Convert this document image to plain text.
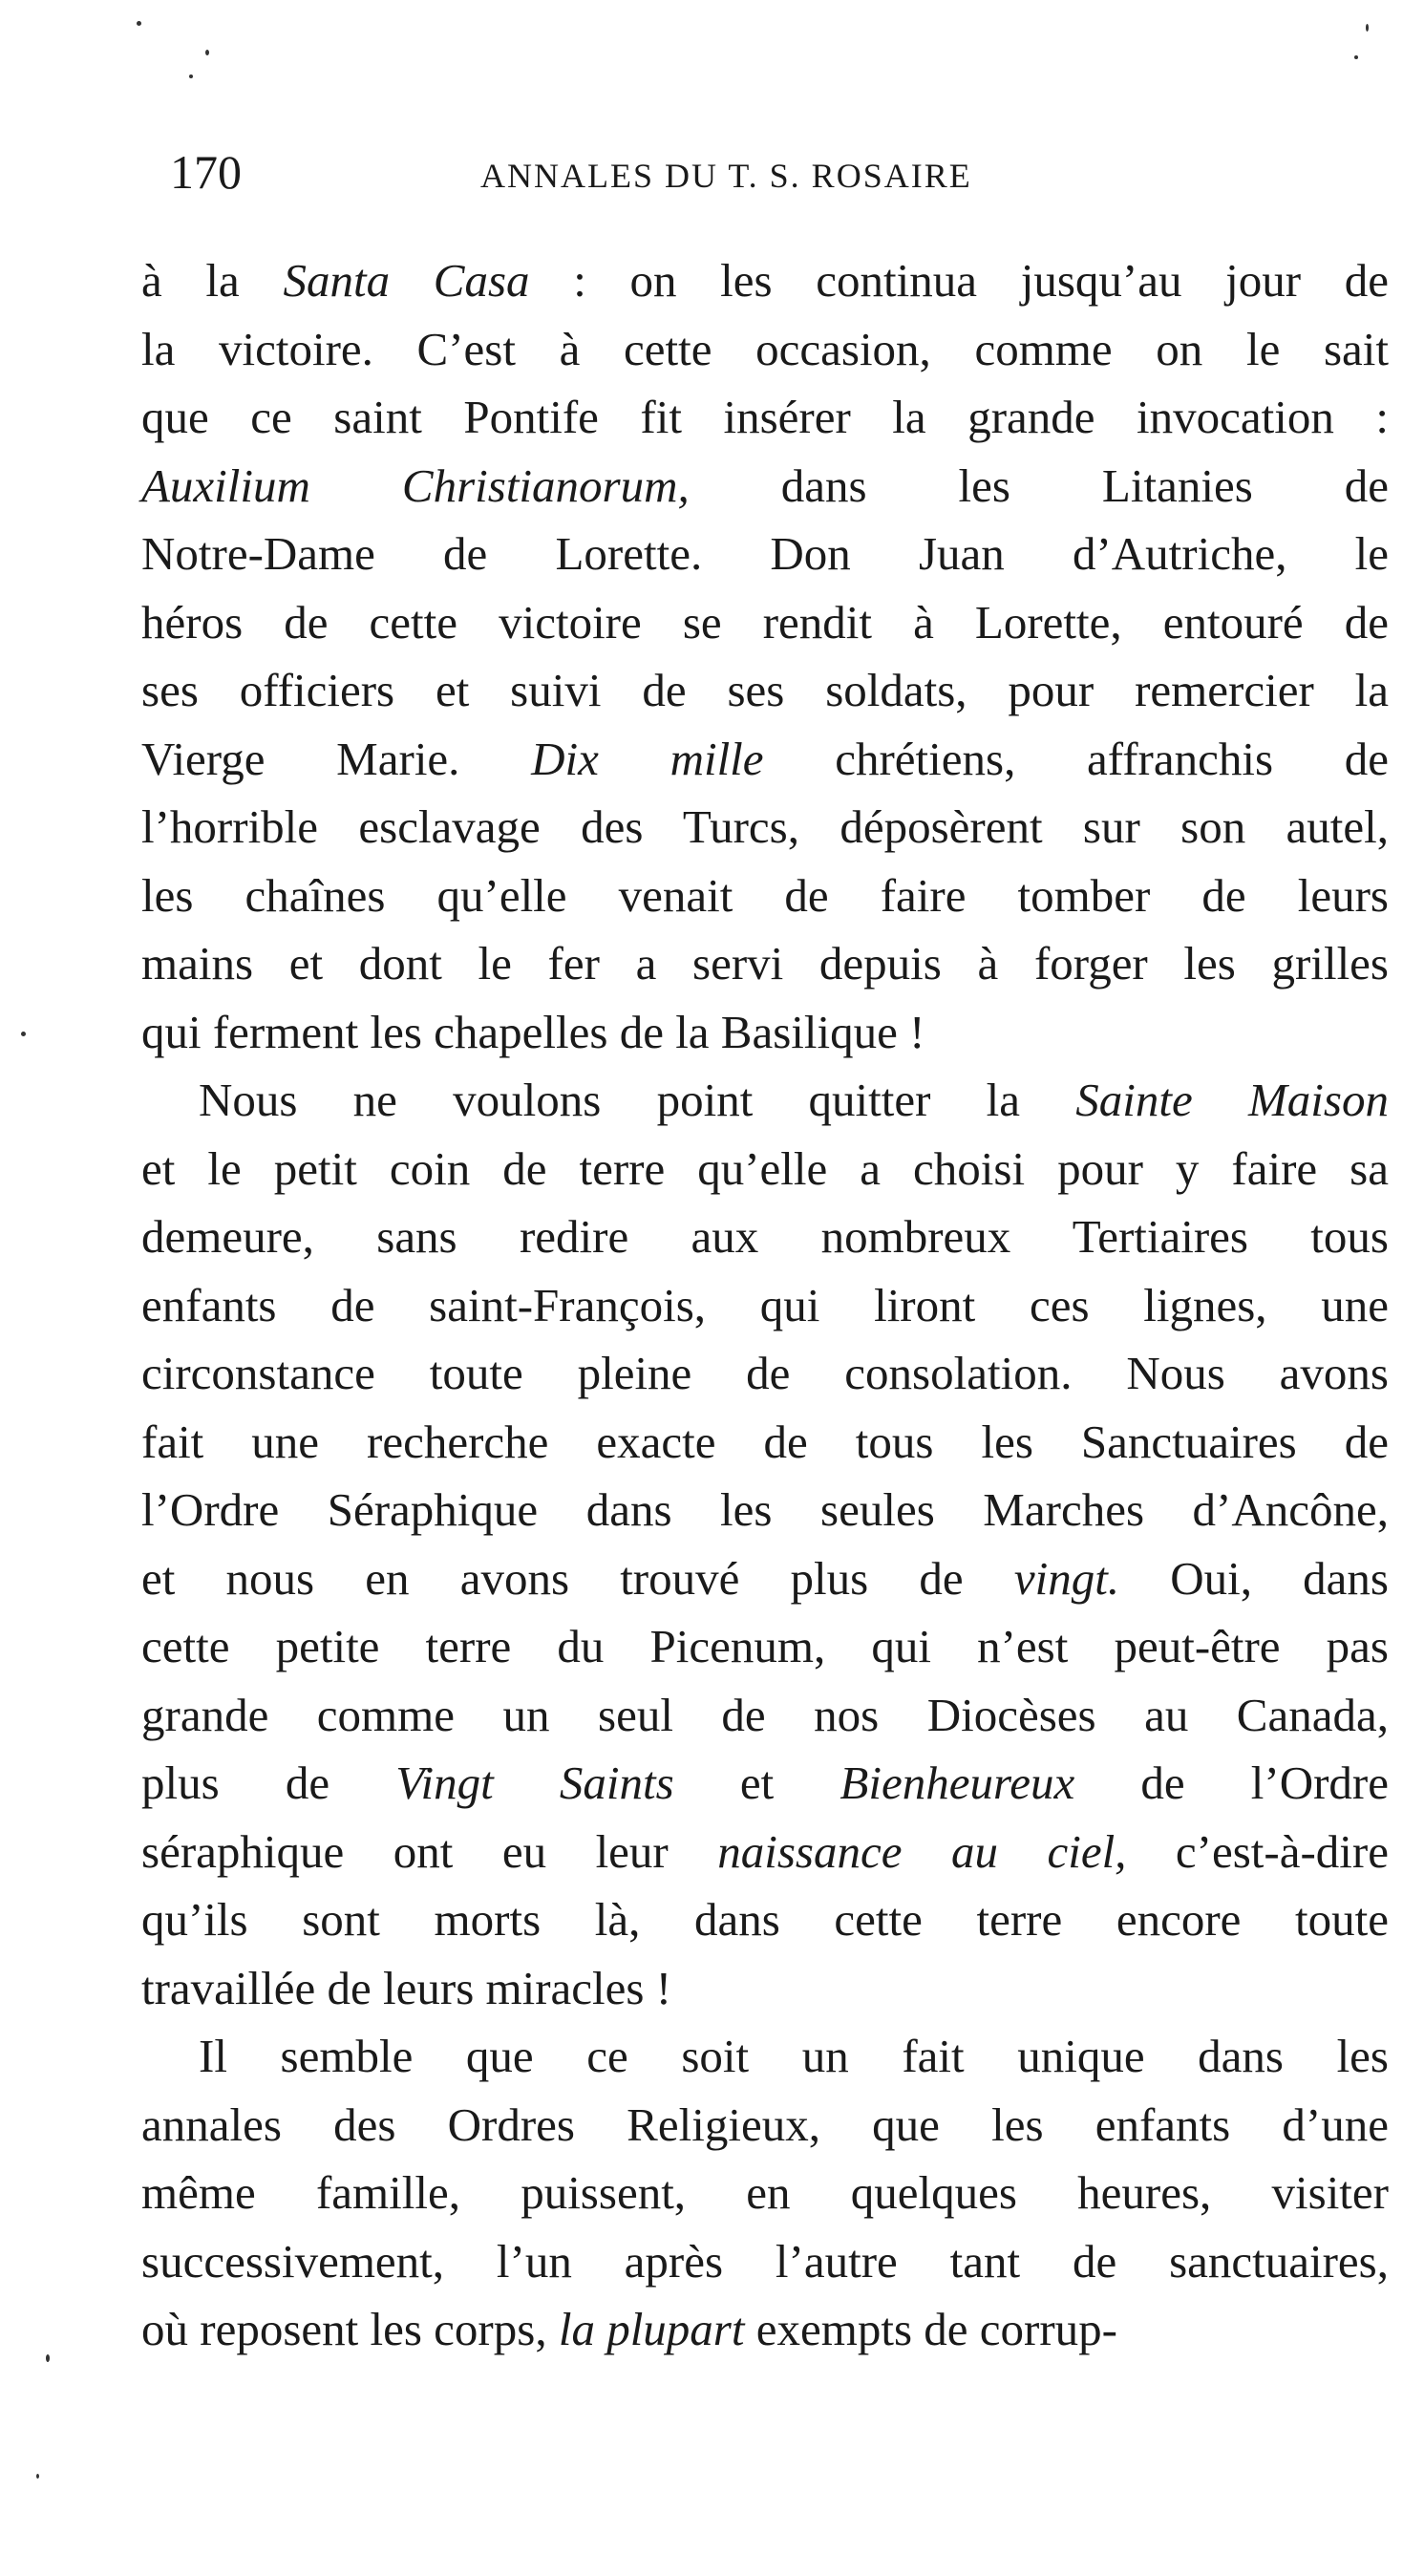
170	ANNALES DU T. S. ROSAIRE
à la Santa Casa : on les continua jusqu’au jour de
la victoire. C’est à cette occasion, comme on le sait
que ce saint Pontife fit insérer la grande invocation :
Auxilium Christianorum, dans les Litanies de
Notre-Dame de Lorette. Don Juan d’Autriche, le
héros de cette victoire se rendit à Lorette, entouré de
ses officiers et suivi de ses soldats, pour remercier la
Vierge Marie. Dix mille chrétiens, affranchis de
l’horrible esclavage des Turcs, déposèrent sur son autel,
les chaînes qu’elle venait de faire tomber de leurs
mains et dont le fer a servi depuis à forger les grilles
qui ferment les chapelles de la Basilique !
Nous ne voulons point quitter la Sainte Maison
et le petit coin de terre qu’elle a choisi pour y faire sa
demeure, sans redire aux nombreux Tertiaires tous
enfants de saint-François, qui liront ces lignes, une
circonstance toute pleine de consolation. Nous avons
fait une recherche exacte de tous les Sanctuaires de
l’Ordre Séraphique dans les seules Marches d’Ancône,
et nous en avons trouvé plus de vingt. Oui, dans
cette petite terre du Picenum, qui n’est peut-être pas
grande comme un seul de nos Diocèses au Canada,
plus de Vingt Saints et Bienheureux de l’Ordre
séraphique ont eu leur naissance au ciel, c’est-à-dire
qu’ils sont morts là, dans cette terre encore toute
travaillée de leurs miracles !
Il semble que ce soit un fait unique dans les
annales des Ordres Religieux, que les enfants d’une
même famille, puissent, en quelques heures, visiter
successivement, l’un après l’autre tant de sanctuaires,
où reposent les corps, la plupart exempts de corrup-
